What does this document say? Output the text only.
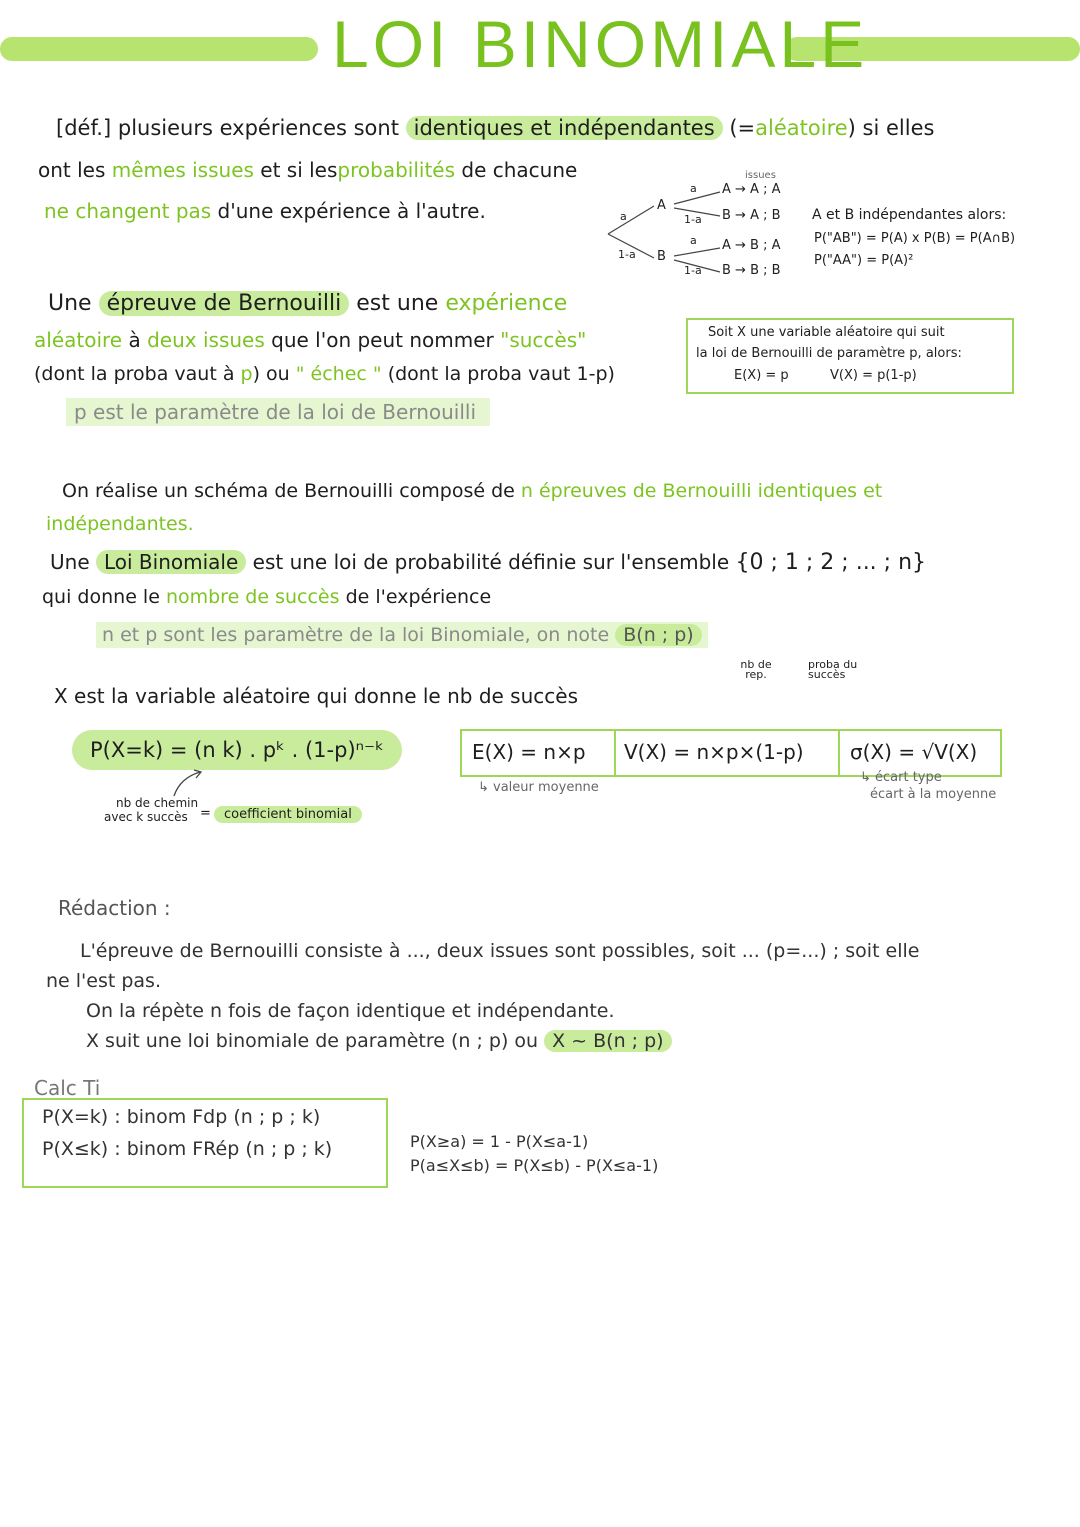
LOI BINOMIALE
[déf.] plusieurs expériences sont identiques et indépendantes (=aléatoire) si elles
ont les mêmes issues et si lesprobabilités de chacune
ne changent pas d'une expérience à l'autre.
issues
A
B
a
1-a
a
1-a
a
1-a
A → A ; A
B → A ; B
A → B ; A
B → B ; B
A et B indépendantes alors:
P("AB") = P(A) x P(B) = P(A∩B)
P("AA") = P(A)²
Une épreuve de Bernouilli est une expérience
aléatoire à deux issues que l'on peut nommer "succès"
(dont la proba vaut à p) ou " échec " (dont la proba vaut 1-p)
p est le paramètre de la loi de Bernouilli
Soit X une variable aléatoire qui suit
la loi de Bernouilli de paramètre p, alors:
E(X) = p	V(X) = p(1-p)
On réalise un schéma de Bernouilli composé de n épreuves de Bernouilli identiques et
indépendantes.
Une Loi Binomiale est une loi de probabilité définie sur l'ensemble {0 ; 1 ; 2 ; ... ; n}
qui donne le nombre de succès de l'expérience
n et p sont les paramètre de la loi Binomiale, on note B(n ; p)
nb de rep.
proba du succès
X est la variable aléatoire qui donne le nb de succès
P(X=k) = (n k) . pᵏ . (1-p)ⁿ⁻ᵏ	E(X) = n×p V(X) = n×p×(1-p) σ(X) = √V(X)
↳ valeur moyenne
↳ écart type
écart à la moyenne
nb de chemin
avec k succès =	coefficient binomial
Rédaction :
L'épreuve de Bernouilli consiste à ..., deux issues sont possibles, soit ... (p=...) ; soit elle
ne l'est pas.
On la répète n fois de façon identique et indépendante.
X suit une loi binomiale de paramètre (n ; p) ou X ~ B(n ; p)
Calc Ti
P(X=k) : binom Fdp (n ; p ; k)
P(X≤k) : binom FRép (n ; p ; k)	P(X≥a) = 1 - P(X≤a-1)
P(a≤X≤b) = P(X≤b) - P(X≤a-1)
